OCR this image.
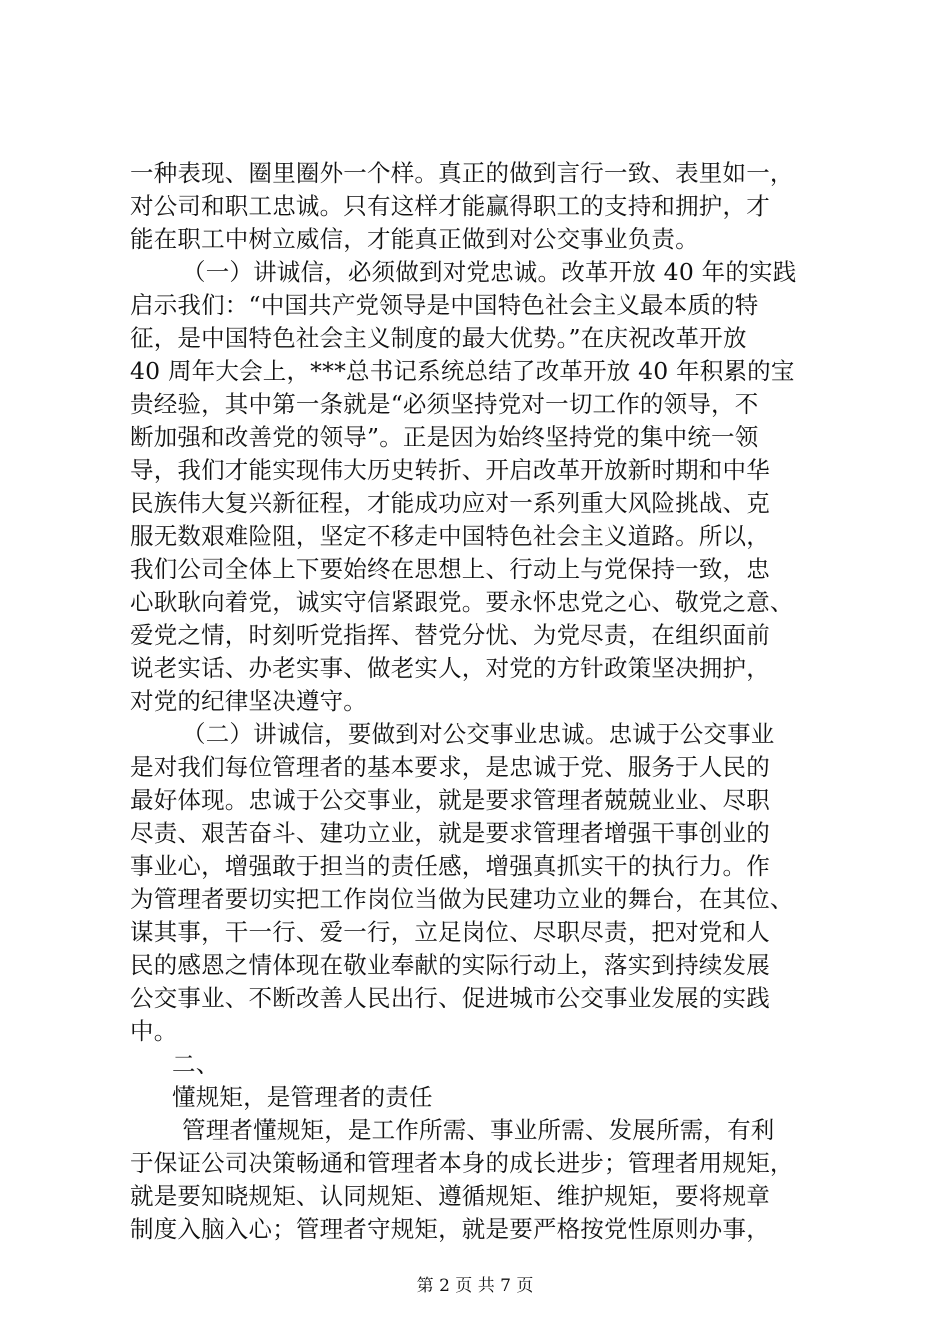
一种表现、圈里圈外一个样。真正的做到言行一致、表里如一，
对公司和职工忠诚。只有这样才能赢得职工的支持和拥护，才
能在职工中树立威信，才能真正做到对公交事业负责。
（一）讲诚信，必须做到对党忠诚。改革开放 40 年的实践
启示我们：“中国共产党领导是中国特色社会主义最本质的特
征，是中国特色社会主义制度的最大优势。”在庆祝改革开放
40 周年大会上，***总书记系统总结了改革开放 40 年积累的宝
贵经验，其中第一条就是“必须坚持党对一切工作的领导，不
断加强和改善党的领导”。正是因为始终坚持党的集中统一领
导，我们才能实现伟大历史转折、开启改革开放新时期和中华
民族伟大复兴新征程，才能成功应对一系列重大风险挑战、克
服无数艰难险阻，坚定不移走中国特色社会主义道路。所以，
我们公司全体上下要始终在思想上、行动上与党保持一致，忠
心耿耿向着党，诚实守信紧跟党。要永怀忠党之心、敬党之意、
爱党之情，时刻听党指挥、替党分忧、为党尽责，在组织面前
说老实话、办老实事、做老实人，对党的方针政策坚决拥护，
对党的纪律坚决遵守。
（二）讲诚信，要做到对公交事业忠诚。忠诚于公交事业
是对我们每位管理者的基本要求，是忠诚于党、服务于人民的
最好体现。忠诚于公交事业，就是要求管理者兢兢业业、尽职
尽责、艰苦奋斗、建功立业，就是要求管理者增强干事创业的
事业心，增强敢于担当的责任感，增强真抓实干的执行力。作
为管理者要切实把工作岗位当做为民建功立业的舞台，在其位、
谋其事，干一行、爱一行，立足岗位、尽职尽责，把对党和人
民的感恩之情体现在敬业奉献的实际行动上，落实到持续发展
公交事业、不断改善人民出行、促进城市公交事业发展的实践
中。
二、
懂规矩，是管理者的责任
管理者懂规矩，是工作所需、事业所需、发展所需，有利
于保证公司决策畅通和管理者本身的成长进步；管理者用规矩，
就是要知晓规矩、认同规矩、遵循规矩、维护规矩，要将规章
制度入脑入心；管理者守规矩，就是要严格按党性原则办事，
第 2 页 共 7 页
